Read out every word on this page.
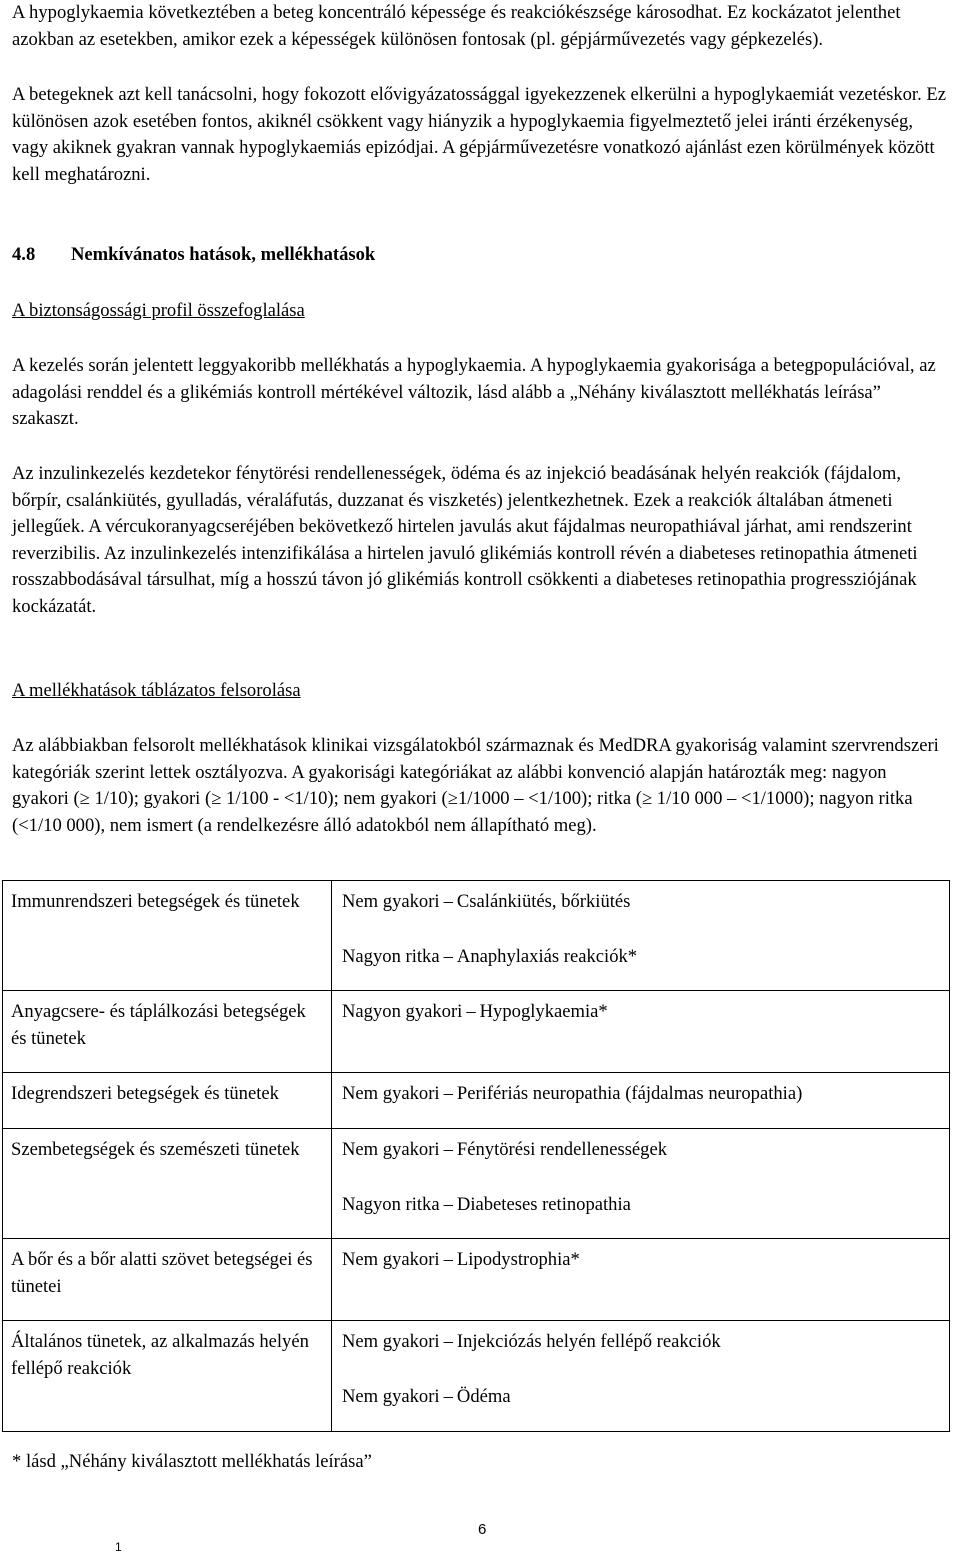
A hypoglykaemia következtében a beteg koncentráló képessége és reakciókészsége károsodhat. Ez kockázatot jelenthet azokban az esetekben, amikor ezek a képességek különösen fontosak (pl. gépjárművezetés vagy gépkezelés).

A betegeknek azt kell tanácsolni, hogy fokozott elővigyázatossággal igyekezzenek elkerülni a hypoglykaemiát vezetéskor. Ez különösen azok esetében fontos, akiknél csökkent vagy hiányzik a hypoglykaemia figyelmeztető jelei iránti érzékenység, vagy akiknek gyakran vannak hypoglykaemiás epizódjai. A gépjárművezetésre vonatkozó ajánlást ezen körülmények között kell meghatározni.

4.8 Nemkívánatos hatások, mellékhatások
A biztonságossági profil összefoglalása

A kezelés során jelentett leggyakoribb mellékhatás a hypoglykaemia. A hypoglykaemia gyakorisága a betegpopulációval, az adagolási renddel és a glikémiás kontroll mértékével változik, lásd alább a „Néhány kiválasztott mellékhatás leírása” szakaszt.

Az inzulinkezelés kezdetekor fénytörési rendellenességek, ödéma és az injekció beadásának helyén reakciók (fájdalom, bőrpír, csalánkiütés, gyulladás, véraláfutás, duzzanat és viszketés) jelentkezhetnek. Ezek a reakciók általában átmeneti jellegűek. A vércukoranyagcseréjében bekövetkező hirtelen javulás akut fájdalmas neuropathiával járhat, ami rendszerint reverzibilis. Az inzulinkezelés intenzifikálása a hirtelen javuló glikémiás kontroll révén a diabeteses retinopathia átmeneti rosszabbodásával társulhat, míg a hosszú távon jó glikémiás kontroll csökkenti a diabeteses retinopathia progressziójának kockázatát.

A mellékhatások táblázatos felsorolása

Az alábbiakban felsorolt mellékhatások klinikai vizsgálatokból származnak és MedDRA gyakoriság valamint szervrendszeri kategóriák szerint lettek osztályozva. A gyakorisági kategóriákat az alábbi konvenció alapján határozták meg: nagyon gyakori (≥ 1/10); gyakori (≥ 1/100 - <1/10); nem gyakori (≥1/1000 – <1/100); ritka (≥ 1/10 000 – <1/1000); nagyon ritka (<1/10 000), nem ismert (a rendelkezésre álló adatokból nem állapítható meg).

Immunrendszeri betegségek és tünetek	Nem gyakori – Csalánkiütés, bőrkiütés
Nagyon ritka – Anaphylaxiás reakciók*

Anyagcsere- és táplálkozási betegségek és tünetek	Nagyon gyakori – Hypoglykaemia*

Idegrendszeri betegségek és tünetek	Nem gyakori – Perifériás neuropathia (fájdalmas neuropathia)

Szembetegségek és szemészeti tünetek	Nem gyakori – Fénytörési rendellenességek
Nagyon ritka – Diabeteses retinopathia

A bőr és a bőr alatti szövet betegségei és tünetei	Nem gyakori – Lipodystrophia*

Általános tünetek, az alkalmazás helyén fellépő reakciók	Nem gyakori – Injekciózás helyén fellépő reakciók
Nem gyakori – Ödéma
* lásd „Néhány kiválasztott mellékhatás leírása”
6
1
